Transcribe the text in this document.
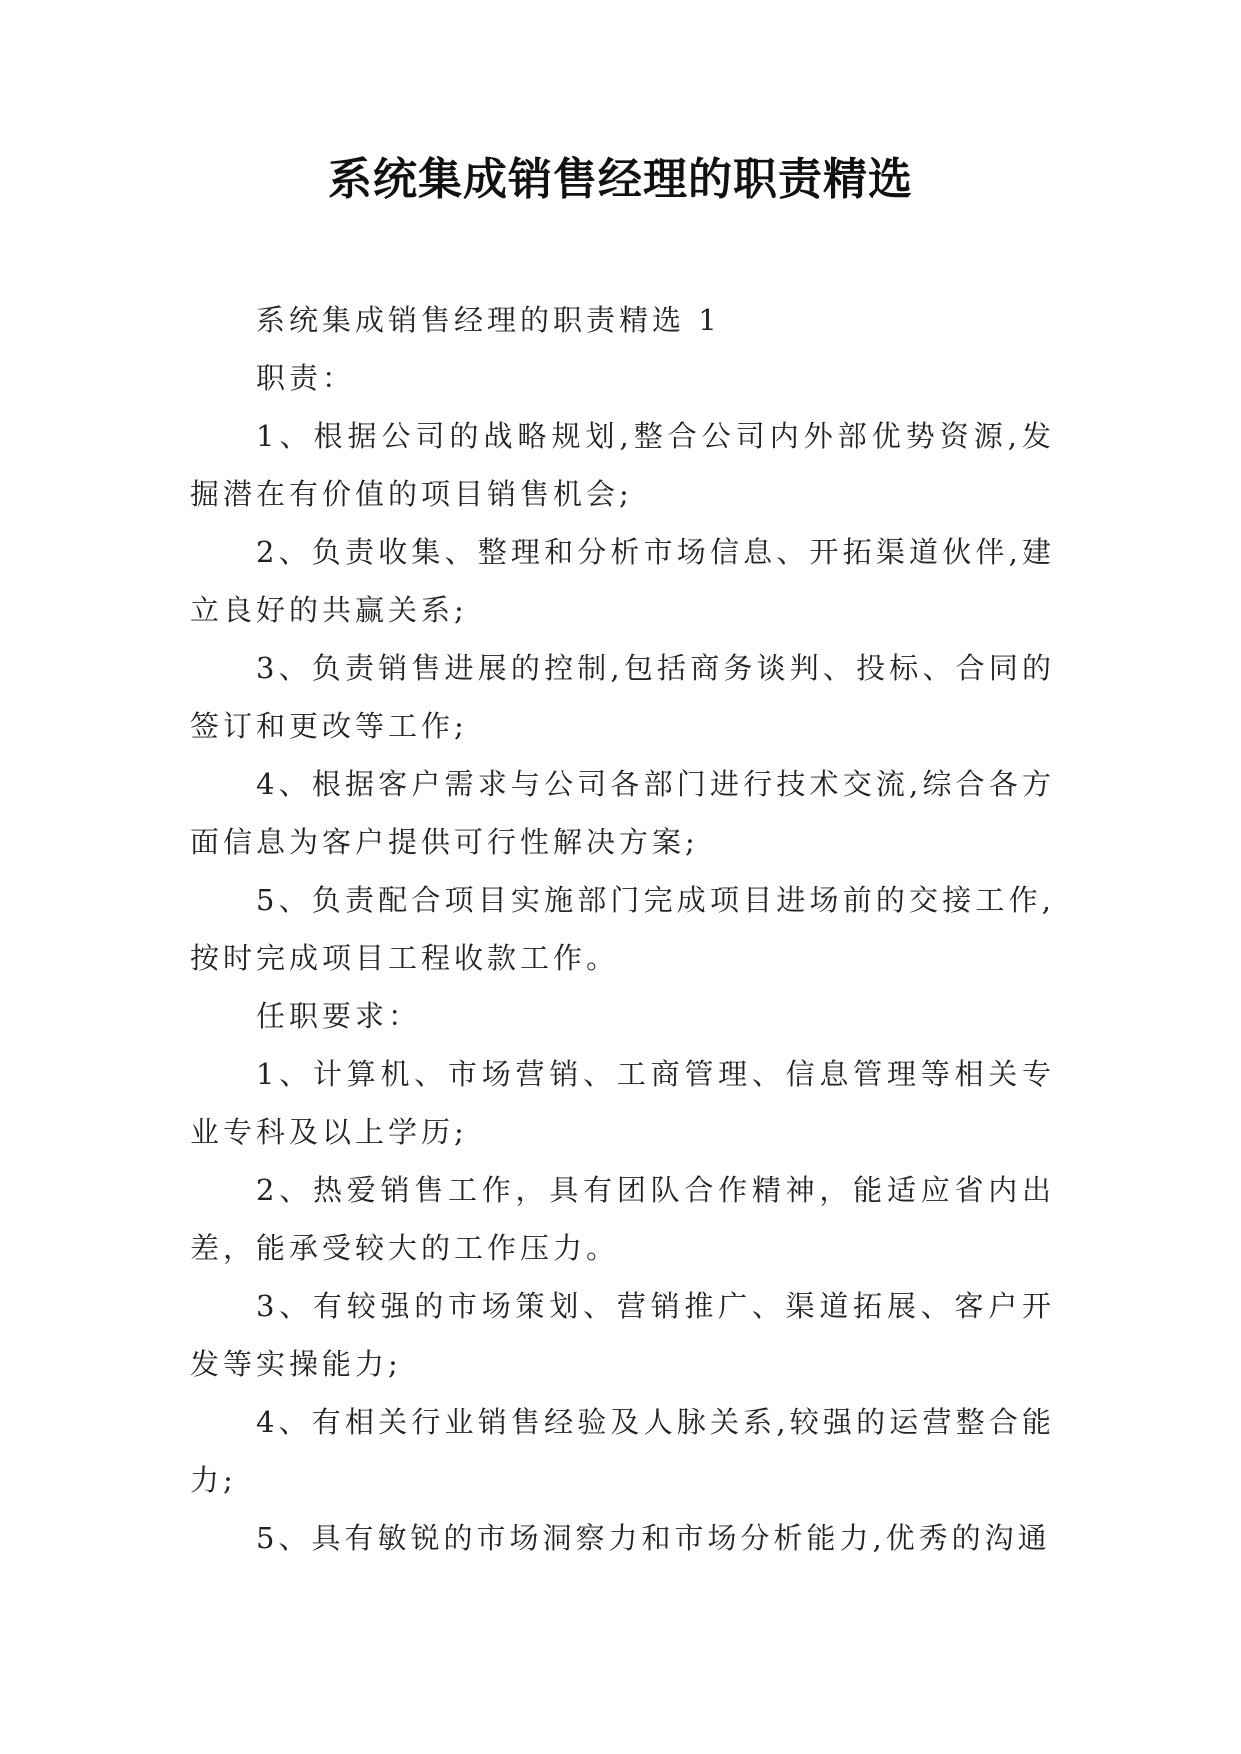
系统集成销售经理的职责精选

系统集成销售经理的职责精选 1

职责：

1、根据公司的战略规划,整合公司内外部优势资源,发掘潜在有价值的项目销售机会;

2、负责收集、整理和分析市场信息、开拓渠道伙伴,建立良好的共赢关系;

3、负责销售进展的控制,包括商务谈判、投标、合同的签订和更改等工作;

4、根据客户需求与公司各部门进行技术交流,综合各方面信息为客户提供可行性解决方案;

5、负责配合项目实施部门完成项目进场前的交接工作,按时完成项目工程收款工作。

任职要求：

1、计算机、市场营销、工商管理、信息管理等相关专业专科及以上学历;

2、热爱销售工作，具有团队合作精神，能适应省内出差，能承受较大的工作压力。

3、有较强的市场策划、营销推广、渠道拓展、客户开发等实操能力;

4、有相关行业销售经验及人脉关系,较强的运营整合能力;

5、具有敏锐的市场洞察力和市场分析能力,优秀的沟通
